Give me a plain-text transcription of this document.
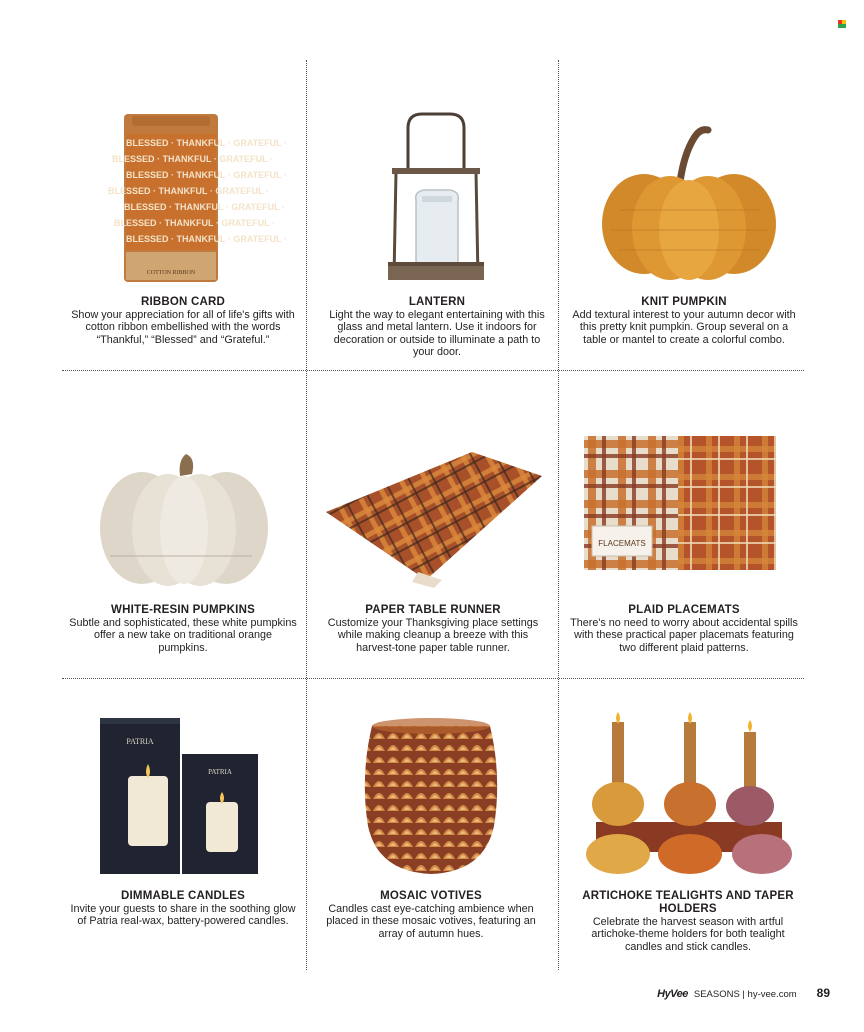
BLESSED · THANKFUL · GRATEFUL ·
BLESSED · THANKFUL · GRATEFUL ·
BLESSED · THANKFUL · GRATEFUL ·
BLESSED · THANKFUL · GRATEFUL ·
BLESSED · THANKFUL · GRATEFUL ·
BLESSED · THANKFUL · GRATEFUL ·
BLESSED · THANKFUL · GRATEFUL ·
COTTON RIBBON
RIBBON CARD
Show your appreciation for all of life's gifts with cotton ribbon embellished with the words “Thankful,” “Blessed” and “Grateful.”
LANTERN
Light the way to elegant entertaining with this glass and metal lantern. Use it indoors for decoration or outside to illuminate a path to your door.
KNIT PUMPKIN
Add textural interest to your autumn decor with this pretty knit pumpkin. Group several on a table or mantel to create a colorful combo.
FLACEMATS
WHITE-RESIN PUMPKINS
Subtle and sophisticated, these white pumpkins offer a new take on traditional orange pumpkins.
PAPER TABLE RUNNER
Customize your Thanksgiving place settings while making cleanup a breeze with this harvest-tone paper table runner.
PLAID PLACEMATS
There's no need to worry about accidental spills with these practical paper placemats featuring two different plaid patterns.
PATRIA
PATRIA
DIMMABLE CANDLES
Invite your guests to share in the soothing glow of Patria real-wax, battery-powered candles.
MOSAIC VOTIVES
Candles cast eye-catching ambience when placed in these mosaic votives, featuring an array of autumn hues.
ARTICHOKE TEALIGHTS AND TAPER HOLDERS
Celebrate the harvest season with artful artichoke-theme holders for both tealight candles and stick candles.
HyVee SEASONS | hy-vee.com 89
